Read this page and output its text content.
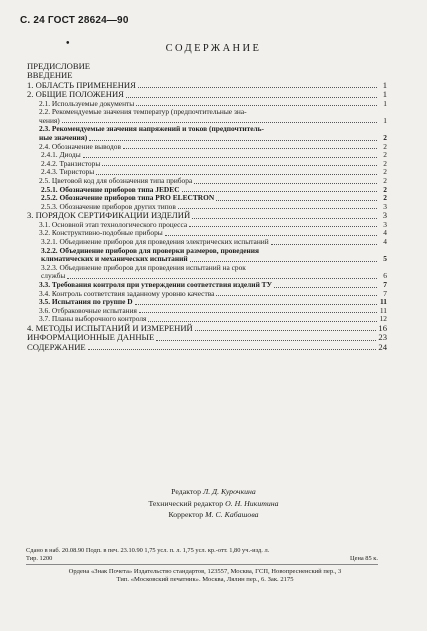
С. 24 ГОСТ 28624—90
•	СОДЕРЖАНИЕ
ПРЕДИСЛОВИЕ
ВВЕДЕНИЕ
1. ОБЛАСТЬ ПРИМЕНЕНИЯ	1
2. ОБЩИЕ ПОЛОЖЕНИЯ	1
2.1. Используемые документы	1
2.2. Рекомендуемые значения температур (предпочтительные зна-
чения)	1
2.3. Рекомендуемые значения напряжений и токов (предпочтитель-
ные значения)	2
2.4. Обозначение выводов	2
2.4.1. Диоды	2
2.4.2. Транзисторы	2
2.4.3. Тиристоры	2
2.5. Цветовой код для обозначения типа прибора	2
2.5.1. Обозначение приборов типа JEDEC	2
2.5.2. Обозначение приборов типа PRO ELECTRON	2
2.5.3. Обозначение приборов других типов	3
3. ПОРЯДОК СЕРТИФИКАЦИИ ИЗДЕЛИЙ	3
3.1. Основной этап технологического процесса	3
3.2. Конструктивно-подобные приборы	4
3.2.1. Объединение приборов для проведения электрических испытаний	4
3.2.2. Объединение приборов для проверки размеров, проведения
климатических и механических испытаний	5
3.2.3. Объединение приборов для проведения испытаний на срок
службы	6
3.3. Требования контроля при утверждении соответствия изделий ТУ	7
3.4. Контроль соответствия заданному уровню качества	7
3.5. Испытания по группе D	11
3.6. Отбраковочные испытания	11
3.7. Планы выборочного контроля	12
4. МЕТОДЫ ИСПЫТАНИЙ И ИЗМЕРЕНИЙ	16
ИНФОРМАЦИОННЫЕ ДАННЫЕ	23
СОДЕРЖАНИЕ	24
Редактор Л. Д. Курочкина
Технический редактор О. Н. Никитина
Корректор М. С. Кабашова
Сдано в наб. 20.08.90 Подп. в печ. 23.10.90 1,75 усл. п. л. 1,75 усл. кр.-отт. 1,80 уч.-изд. л.
Тир. 1200	Цена 85 к.
Ордена «Знак Почета» Издательство стандартов, 123557, Москва, ГСП, Новопресненский пер., 3
Тип. «Московский печатник». Москва, Лялин пер., 6. Зак. 2175
